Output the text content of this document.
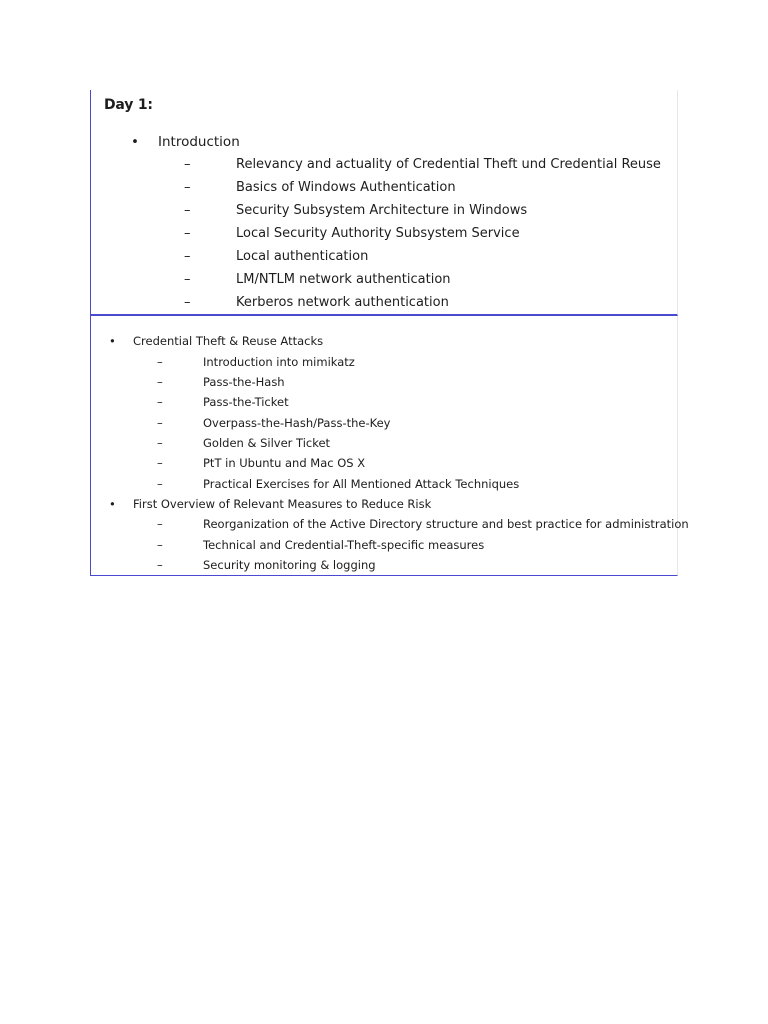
Day 1:
• Introduction
–	Relevancy and actuality of Credential Theft und Credential Reuse
–	Basics of Windows Authentication
–	Security Subsystem Architecture in Windows
–	Local Security Authority Subsystem Service
–	Local authentication
–	LM/NTLM network authentication
–	Kerberos network authentication
• Credential Theft & Reuse Attacks
–	Introduction into mimikatz
–	Pass-the-Hash
–	Pass-the-Ticket
–	Overpass-the-Hash/Pass-the-Key
–	Golden & Silver Ticket
–	PtT in Ubuntu and Mac OS X
–	Practical Exercises for All Mentioned Attack Techniques
• First Overview of Relevant Measures to Reduce Risk
–	Reorganization of the Active Directory structure and best practice for administration
–	Technical and Credential-Theft-specific measures
–	Security monitoring & logging
